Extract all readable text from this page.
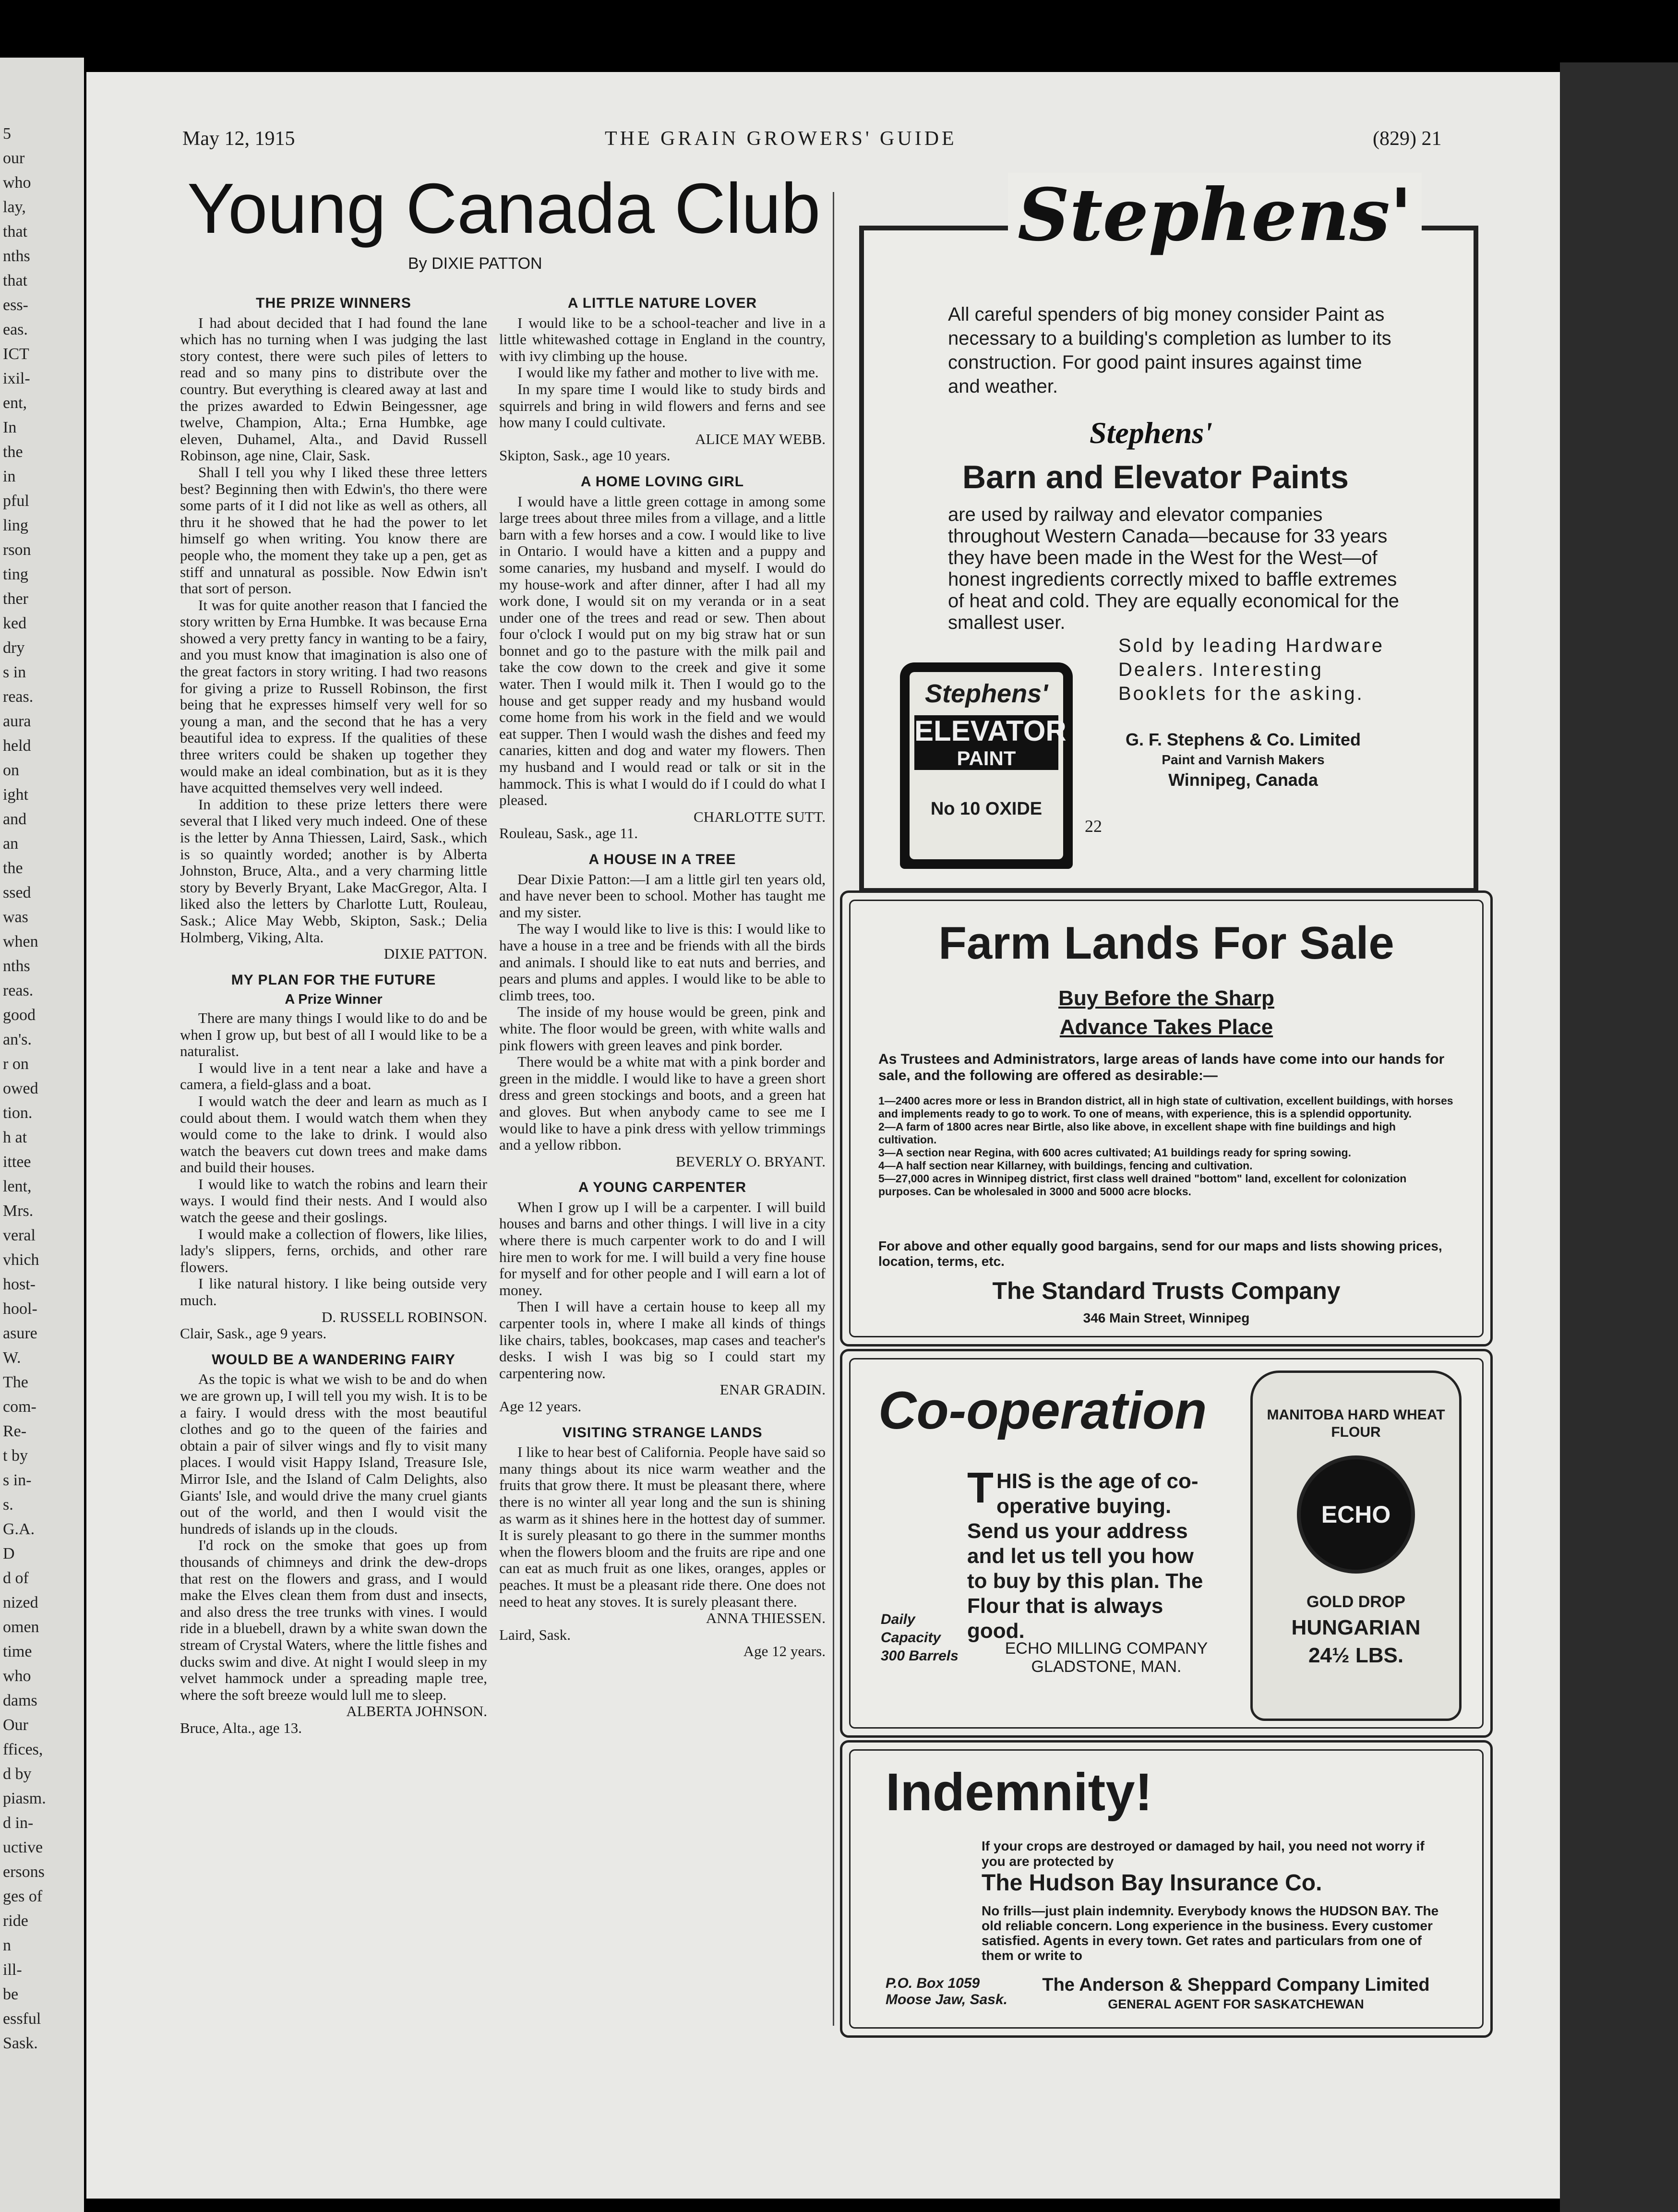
5
our
who
lay,
that
nths
that
ess-
eas.
ICT
ixil-
ent,
In
the
in
pful
ling
rson
ting
ther
ked
dry
s in
reas.
aura
held
on
ight
and
an
the
ssed
was
when
nths
reas.
good
an's.
r on
owed
tion.
h at
ittee
lent,
Mrs.
veral
vhich
host-
hool-
asure
W.
The
com-
Re-
t by
s in-
s.
G.A.
D
d of
nized
omen
time
who
dams
Our
ffices,
d by
piasm.
d in-
uctive
ersons
ges of
ride
n
ill-
be
essful
Sask.
May 12, 1915	THE GRAIN GROWERS' GUIDE	(829) 21
Young Canada Club
By DIXIE PATTON
THE PRIZE WINNERS

I had about decided that I had found the lane which has no turning when I was judging the last story contest, there were such piles of letters to read and so many pins to distribute over the country. But everything is cleared away at last and the prizes awarded to Edwin Beingessner, age twelve, Champion, Alta.; Erna Humbke, age eleven, Duhamel, Alta., and David Russell Robinson, age nine, Clair, Sask.

Shall I tell you why I liked these three letters best? Beginning then with Edwin's, tho there were some parts of it I did not like as well as others, all thru it he showed that he had the power to let himself go when writing. You know there are people who, the moment they take up a pen, get as stiff and unnatural as possible. Now Edwin isn't that sort of person.

It was for quite another reason that I fancied the story written by Erna Humbke. It was because Erna showed a very pretty fancy in wanting to be a fairy, and you must know that imagination is also one of the great factors in story writing. I had two reasons for giving a prize to Russell Robinson, the first being that he expresses himself very well for so young a man, and the second that he has a very beautiful idea to express. If the qualities of these three writers could be shaken up together they would make an ideal combination, but as it is they have acquitted themselves very well indeed.

In addition to these prize letters there were several that I liked very much indeed. One of these is the letter by Anna Thiessen, Laird, Sask., which is so quaintly worded; another is by Alberta Johnston, Bruce, Alta., and a very charming little story by Beverly Bryant, Lake MacGregor, Alta. I liked also the letters by Charlotte Lutt, Rouleau, Sask.; Alice May Webb, Skipton, Sask.; Delia Holmberg, Viking, Alta.

DIXIE PATTON.

MY PLAN FOR THE FUTURE
A Prize Winner

There are many things I would like to do and be when I grow up, but best of all I would like to be a naturalist.

I would live in a tent near a lake and have a camera, a field-glass and a boat.

I would watch the deer and learn as much as I could about them. I would watch them when they would come to the lake to drink. I would also watch the beavers cut down trees and make dams and build their houses.

I would like to watch the robins and learn their ways. I would find their nests. And I would also watch the geese and their goslings.

I would make a collection of flowers, like lilies, lady's slippers, ferns, orchids, and other rare flowers.

I like natural history. I like being outside very much.

D. RUSSELL ROBINSON.

Clair, Sask., age 9 years.

WOULD BE A WANDERING FAIRY

As the topic is what we wish to be and do when we are grown up, I will tell you my wish. It is to be a fairy. I would dress with the most beautiful clothes and go to the queen of the fairies and obtain a pair of silver wings and fly to visit many places. I would visit Happy Island, Treasure Isle, Mirror Isle, and the Island of Calm Delights, also Giants' Isle, and would drive the many cruel giants out of the world, and then I would visit the hundreds of islands up in the clouds.

I'd rock on the smoke that goes up from thousands of chimneys and drink the dew-drops that rest on the flowers and grass, and I would make the Elves clean them from dust and insects, and also dress the tree trunks with vines. I would ride in a bluebell, drawn by a white swan down the stream of Crystal Waters, where the little fishes and ducks swim and dive. At night I would sleep in my velvet hammock under a spreading maple tree, where the soft breeze would lull me to sleep.

ALBERTA JOHNSON.

Bruce, Alta., age 13.

A LITTLE NATURE LOVER

I would like to be a school-teacher and live in a little whitewashed cottage in England in the country, with ivy climbing up the house.

I would like my father and mother to live with me.

In my spare time I would like to study birds and squirrels and bring in wild flowers and ferns and see how many I could cultivate.

ALICE MAY WEBB.

Skipton, Sask., age 10 years.

A HOME LOVING GIRL

I would have a little green cottage in among some large trees about three miles from a village, and a little barn with a few horses and a cow. I would like to live in Ontario. I would have a kitten and a puppy and some canaries, my husband and myself. I would do my house-work and after dinner, after I had all my work done, I would sit on my veranda or in a seat under one of the trees and read or sew. Then about four o'clock I would put on my big straw hat or sun bonnet and go to the pasture with the milk pail and take the cow down to the creek and give it some water. Then I would milk it. Then I would go to the house and get supper ready and my husband would come home from his work in the field and we would eat supper. Then I would wash the dishes and feed my canaries, kitten and dog and water my flowers. Then my husband and I would read or talk or sit in the hammock. This is what I would do if I could do what I pleased.

CHARLOTTE SUTT.

Rouleau, Sask., age 11.

A HOUSE IN A TREE

Dear Dixie Patton:—I am a little girl ten years old, and have never been to school. Mother has taught me and my sister.

The way I would like to live is this: I would like to have a house in a tree and be friends with all the birds and animals. I should like to eat nuts and berries, and pears and plums and apples. I would like to be able to climb trees, too.

The inside of my house would be green, pink and white. The floor would be green, with white walls and pink flowers with green leaves and pink border.

There would be a white mat with a pink border and green in the middle. I would like to have a green short dress and green stockings and boots, and a green hat and gloves. But when anybody came to see me I would like to have a pink dress with yellow trimmings and a yellow ribbon.

BEVERLY O. BRYANT.

A YOUNG CARPENTER

When I grow up I will be a carpenter. I will build houses and barns and other things. I will live in a city where there is much carpenter work to do and I will hire men to work for me. I will build a very fine house for myself and for other people and I will earn a lot of money.

Then I will have a certain house to keep all my carpenter tools in, where I make all kinds of things like chairs, tables, bookcases, map cases and teacher's desks. I wish I was big so I could start my carpentering now.

ENAR GRADIN.

Age 12 years.

VISITING STRANGE LANDS

I like to hear best of California. People have said so many things about its nice warm weather and the fruits that grow there. It must be pleasant there, where there is no winter all year long and the sun is shining as warm as it shines here in the hottest day of summer. It is surely pleasant to go there in the summer months when the flowers bloom and the fruits are ripe and one can eat as much fruit as one likes, oranges, apples or peaches. It must be a pleasant ride there. One does not need to heat any stoves. It is surely pleasant there.

ANNA THIESSEN.

Laird, Sask.

Age 12 years.

Stephens'
All careful spenders of big money consider Paint as necessary to a building's completion as lumber to its construction. For good paint insures against time and weather.
Stephens'
Barn and Elevator Paints
are used by railway and elevator companies throughout Western Canada—because for 33 years they have been made in the West for the West—of honest ingredients correctly mixed to baffle extremes of heat and cold. They are equally economical for the smallest user.
Sold by leading Hardware Dealers. Interesting Booklets for the asking.
Stephens'
ELEVATOR
PAINT
No 10 OXIDE
G. F. Stephens & Co. Limited
Paint and Varnish Makers
Winnipeg, Canada
22
Farm Lands For Sale
Buy Before the Sharp
Advance Takes Place
As Trustees and Administrators, large areas of lands have come into our hands for sale, and the following are offered as desirable:—
1—2400 acres more or less in Brandon district, all in high state of cultivation, excellent buildings, with horses and implements ready to go to work. To one of means, with experience, this is a splendid opportunity.
2—A farm of 1800 acres near Birtle, also like above, in excellent shape with fine buildings and high cultivation.
3—A section near Regina, with 600 acres cultivated; A1 buildings ready for spring sowing.
4—A half section near Killarney, with buildings, fencing and cultivation.
5—27,000 acres in Winnipeg district, first class well drained "bottom" land, excellent for colonization purposes. Can be wholesaled in 3000 and 5000 acre blocks.
For above and other equally good bargains, send for our maps and lists showing prices, location, terms, etc.
The Standard Trusts Company
346 Main Street, Winnipeg
Co-operation
THIS is the age of co-operative buying. Send us your address and let us tell you how to buy by this plan. The Flour that is always good.
Daily
Capacity
300 Barrels	ECHO MILLING COMPANY
GLADSTONE, MAN.
MANITOBA HARD WHEAT FLOUR
ECHO
GOLD DROP
HUNGARIAN
24½ LBS.
Indemnity!
If your crops are destroyed or damaged by hail, you need not worry if you are protected by
The Hudson Bay Insurance Co.
No frills—just plain indemnity. Everybody knows the HUDSON BAY. The old reliable concern. Long experience in the business. Every customer satisfied. Agents in every town. Get rates and particulars from one of them or write to
P.O. Box 1059
Moose Jaw, Sask.
The Anderson & Sheppard Company Limited
GENERAL AGENT FOR SASKATCHEWAN
